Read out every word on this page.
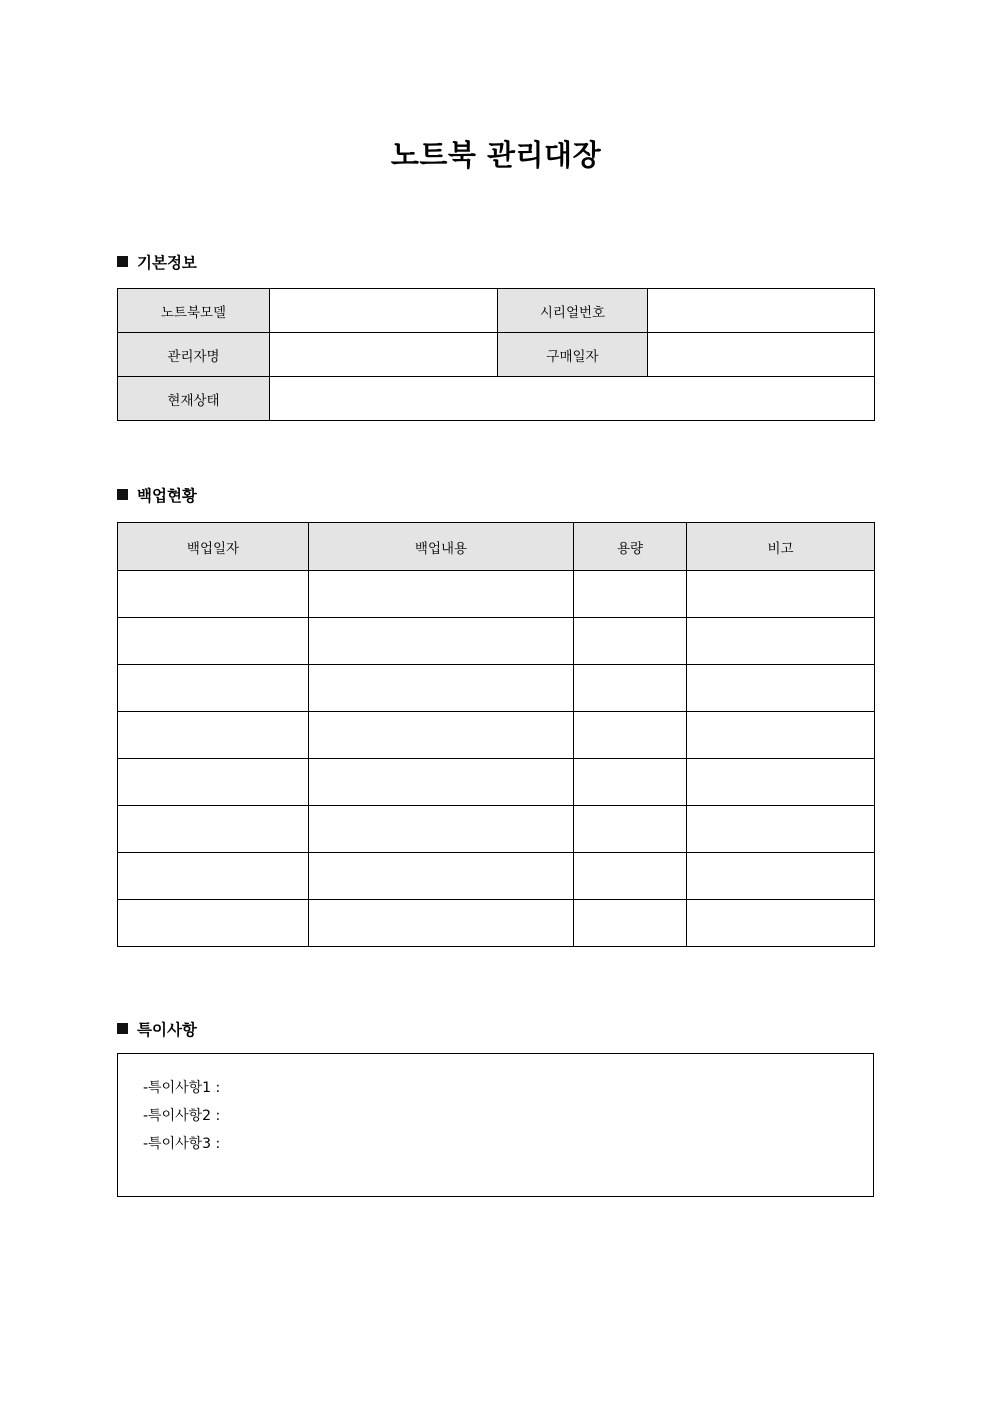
노트북 관리대장
기본정보
노트북모델		시리얼번호	
관리자명		구매일자	
현재상태			
백업현황
백업일자	백업내용	용량	비고

특이사항
-특이사항1 :
-특이사항2 :
-특이사항3 :
